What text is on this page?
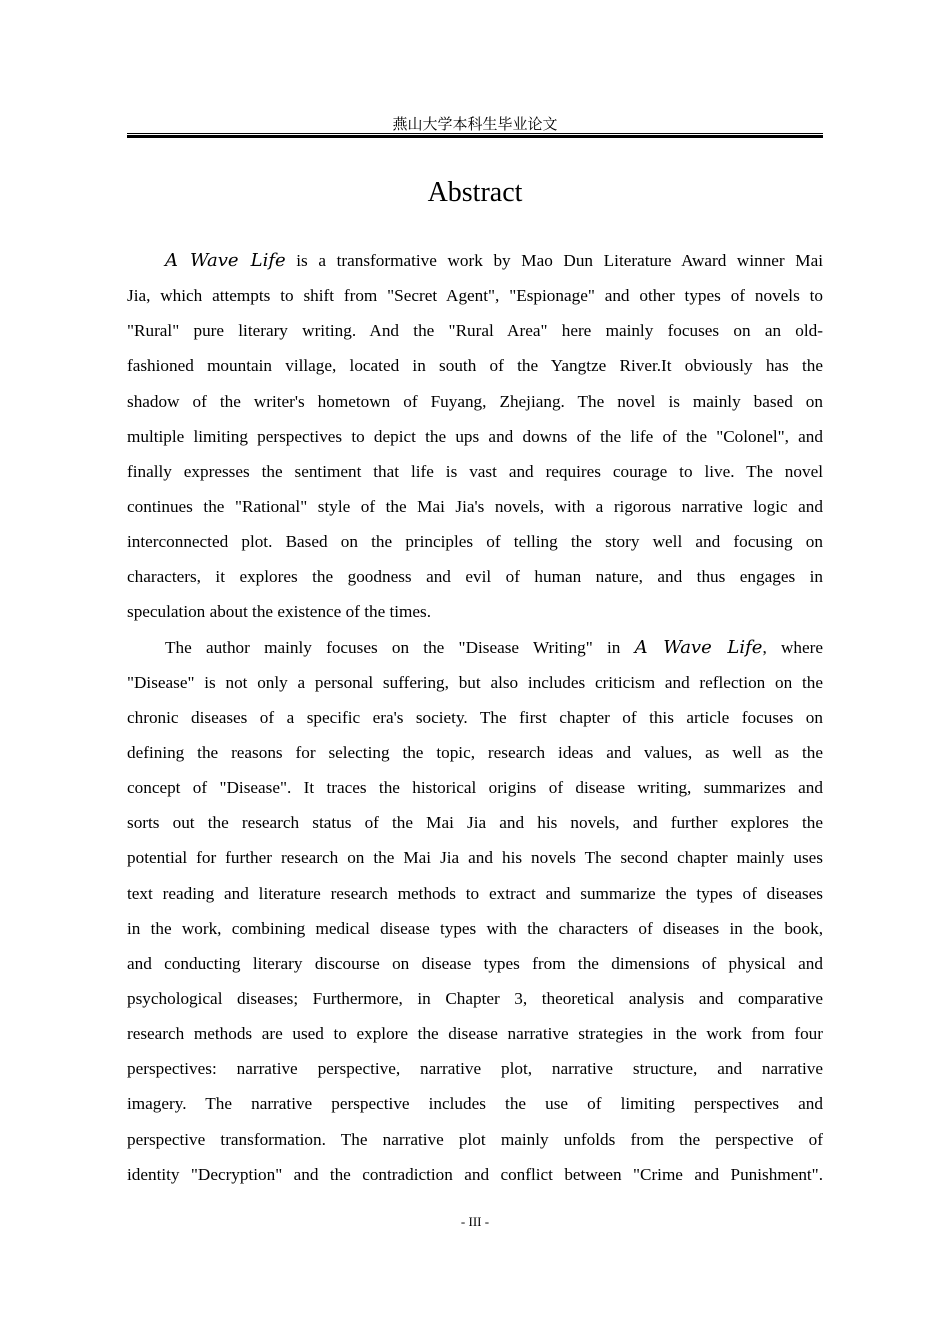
燕山大学本科生毕业论文
Abstract
A Wave Life is a transformative work by Mao Dun Literature Award winner Mai
Jia, which attempts to shift from "Secret Agent", "Espionage" and other types of novels to
"Rural" pure literary writing. And the "Rural Area" here mainly focuses on an old-
fashioned mountain village, located in south of the Yangtze River.It obviously has the
shadow of the writer's hometown of Fuyang, Zhejiang. The novel is mainly based on
multiple limiting perspectives to depict the ups and downs of the life of the "Colonel", and
finally expresses the sentiment that life is vast and requires courage to live. The novel
continues the "Rational" style of the Mai Jia's novels, with a rigorous narrative logic and
interconnected plot. Based on the principles of telling the story well and focusing on
characters, it explores the goodness and evil of human nature, and thus engages in
speculation about the existence of the times.
The author mainly focuses on the "Disease Writing" in A Wave Life, where
"Disease" is not only a personal suffering, but also includes criticism and reflection on the
chronic diseases of a specific era's society. The first chapter of this article focuses on
defining the reasons for selecting the topic, research ideas and values, as well as the
concept of "Disease". It traces the historical origins of disease writing, summarizes and
sorts out the research status of the Mai Jia and his novels, and further explores the
potential for further research on the Mai Jia and his novels The second chapter mainly uses
text reading and literature research methods to extract and summarize the types of diseases
in the work, combining medical disease types with the characters of diseases in the book,
and conducting literary discourse on disease types from the dimensions of physical and
psychological diseases; Furthermore, in Chapter 3, theoretical analysis and comparative
research methods are used to explore the disease narrative strategies in the work from four
perspectives: narrative perspective, narrative plot, narrative structure, and narrative
imagery. The narrative perspective includes the use of limiting perspectives and
perspective transformation. The narrative plot mainly unfolds from the perspective of
identity "Decryption" and the contradiction and conflict between "Crime and Punishment".
- III -
